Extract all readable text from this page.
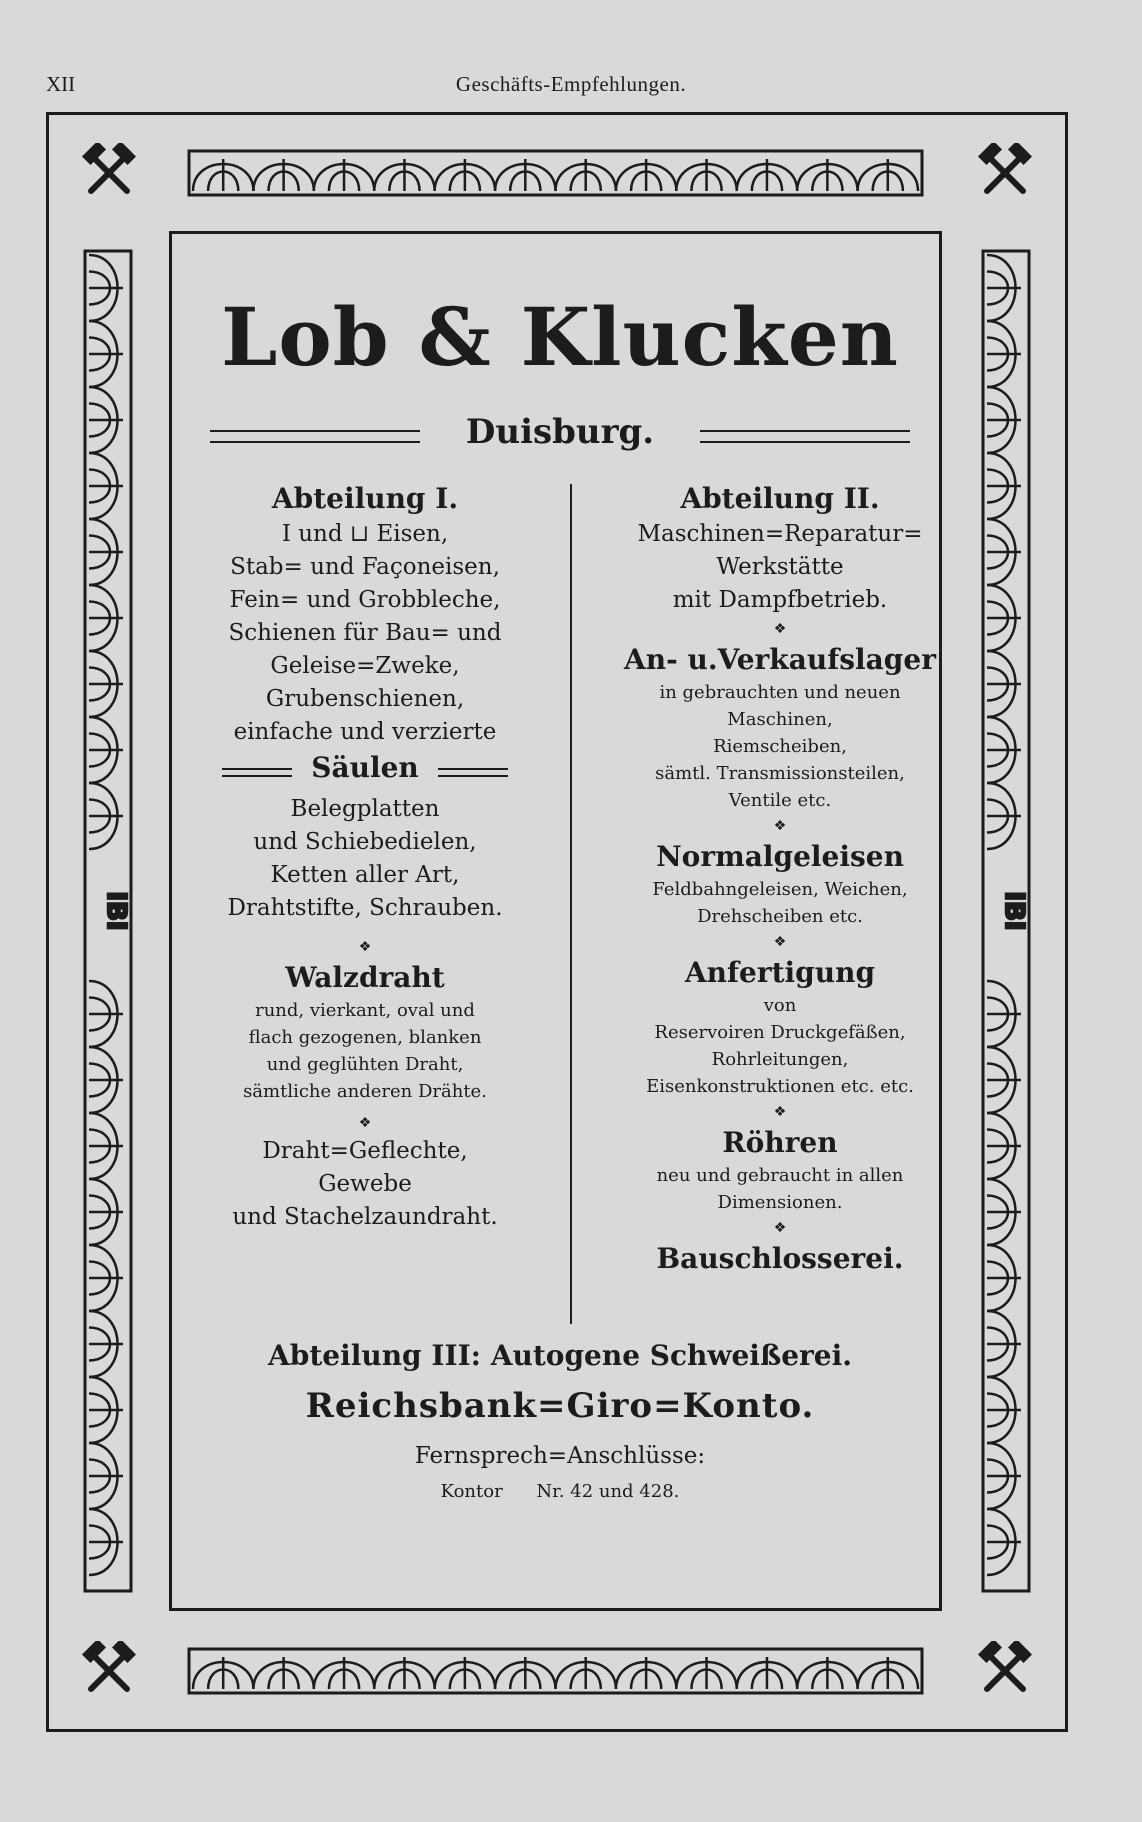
XII	Geschäfts-Empfehlungen.
IBI	IBI
Lob & Klucken
Duisburg.
Abteilung I.
I und ⊔ Eisen,
Stab= und Façoneisen,
Fein= und Grobbleche,
Schienen für Bau= und
Geleise=Zweke,
Grubenschienen,
einfache und verzierte
Säulen
Belegplatten
und Schiebedielen,
Ketten aller Art,
Drahtstifte, Schrauben.
❖
Walzdraht
rund, vierkant, oval und
flach gezogenen, blanken
und geglühten Draht,
sämtliche anderen Drähte.
❖
Draht=Geflechte,
Gewebe
und Stachelzaundraht.
Abteilung II.
Maschinen=Reparatur=
Werkstätte
mit Dampfbetrieb.
❖
An- u.Verkaufslager
in gebrauchten und neuen
Maschinen,
Riemscheiben,
sämtl. Transmissionsteilen,
Ventile etc.
❖
Normalgeleisen
Feldbahngeleisen, Weichen,
Drehscheiben etc.
❖
Anfertigung
von
Reservoiren Druckgefäßen,
Rohrleitungen,
Eisenkonstruktionen etc. etc.
❖
Röhren
neu und gebraucht in allen
Dimensionen.
❖
Bauschlosserei.
Abteilung III: Autogene Schweißerei.
Reichsbank=Giro=Konto.
Fernsprech=Anschlüsse:
Kontor Nr. 42 und 428.
